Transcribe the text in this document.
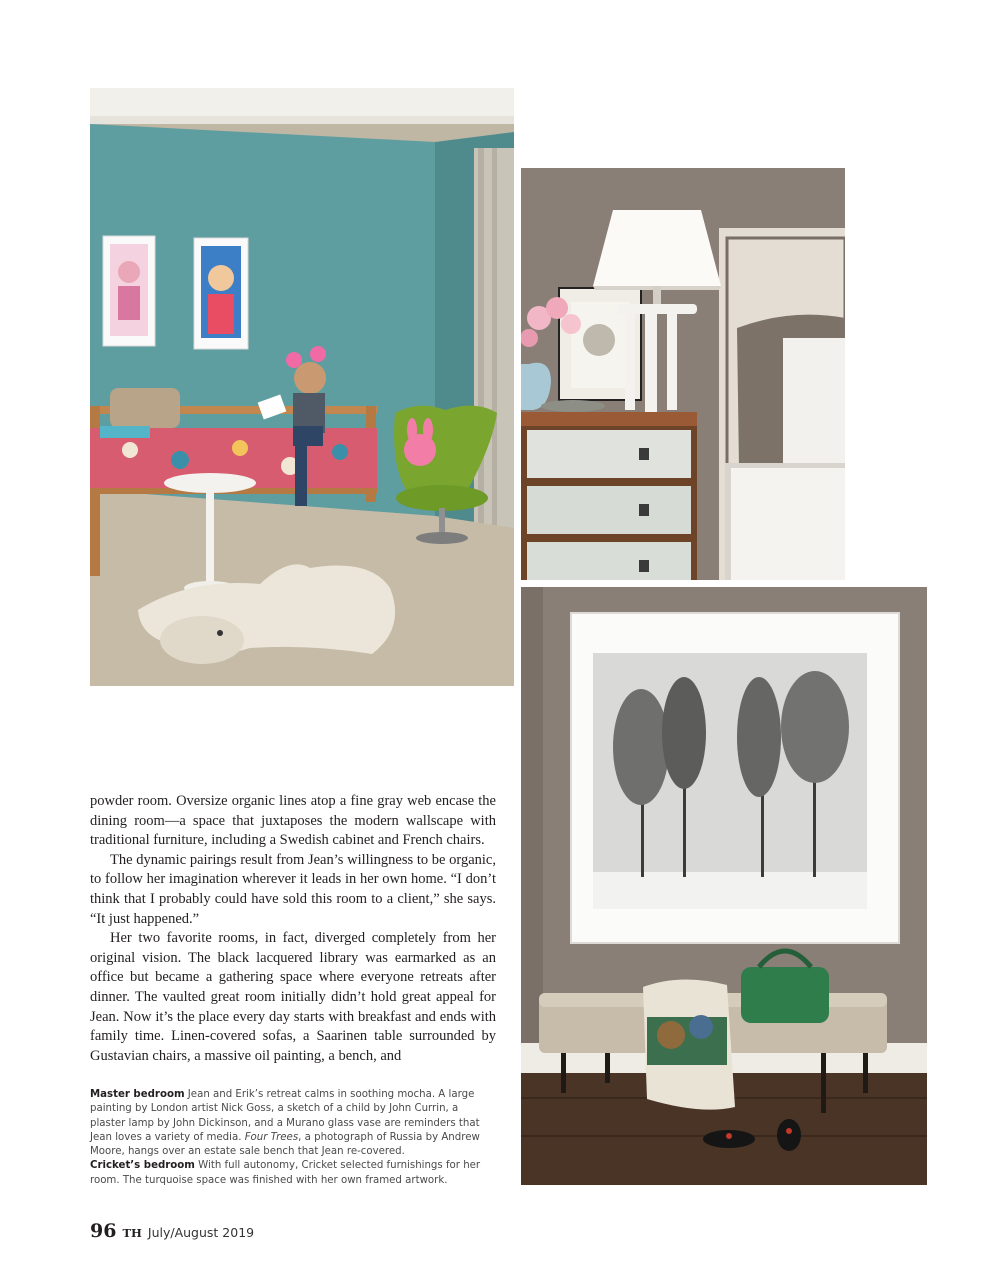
powder room. Oversize organic lines atop a fine gray web encase the dining room—a space that juxtaposes the modern wallscape with traditional furniture, including a Swedish cabinet and French chairs.

The dynamic pairings result from Jean’s willingness to be organic, to follow her imagination wherever it leads in her own home. “I don’t think that I probably could have sold this room to a client,” she says. “It just happened.”

Her two favorite rooms, in fact, diverged completely from her original vision. The black lacquered library was earmarked as an office but became a gathering space where everyone retreats after dinner. The vaulted great room initially didn’t hold great appeal for Jean. Now it’s the place every day starts with breakfast and ends with family time. Linen-covered sofas, a Saarinen table surrounded by Gustavian chairs, a massive oil painting, a bench, and

Master bedroom Jean and Erik’s retreat calms in soothing mocha. A large painting by London artist Nick Goss, a sketch of a child by John Currin, a plaster lamp by John Dickinson, and a Murano glass vase are reminders that Jean loves a variety of media. Four Trees, a photograph of Russia by Andrew Moore, hangs over an estate sale bench that Jean re-covered.

Cricket’s bedroom With full autonomy, Cricket selected furnishings for her room. The turquoise space was finished with her own framed artwork.

96 TH July/August 2019
